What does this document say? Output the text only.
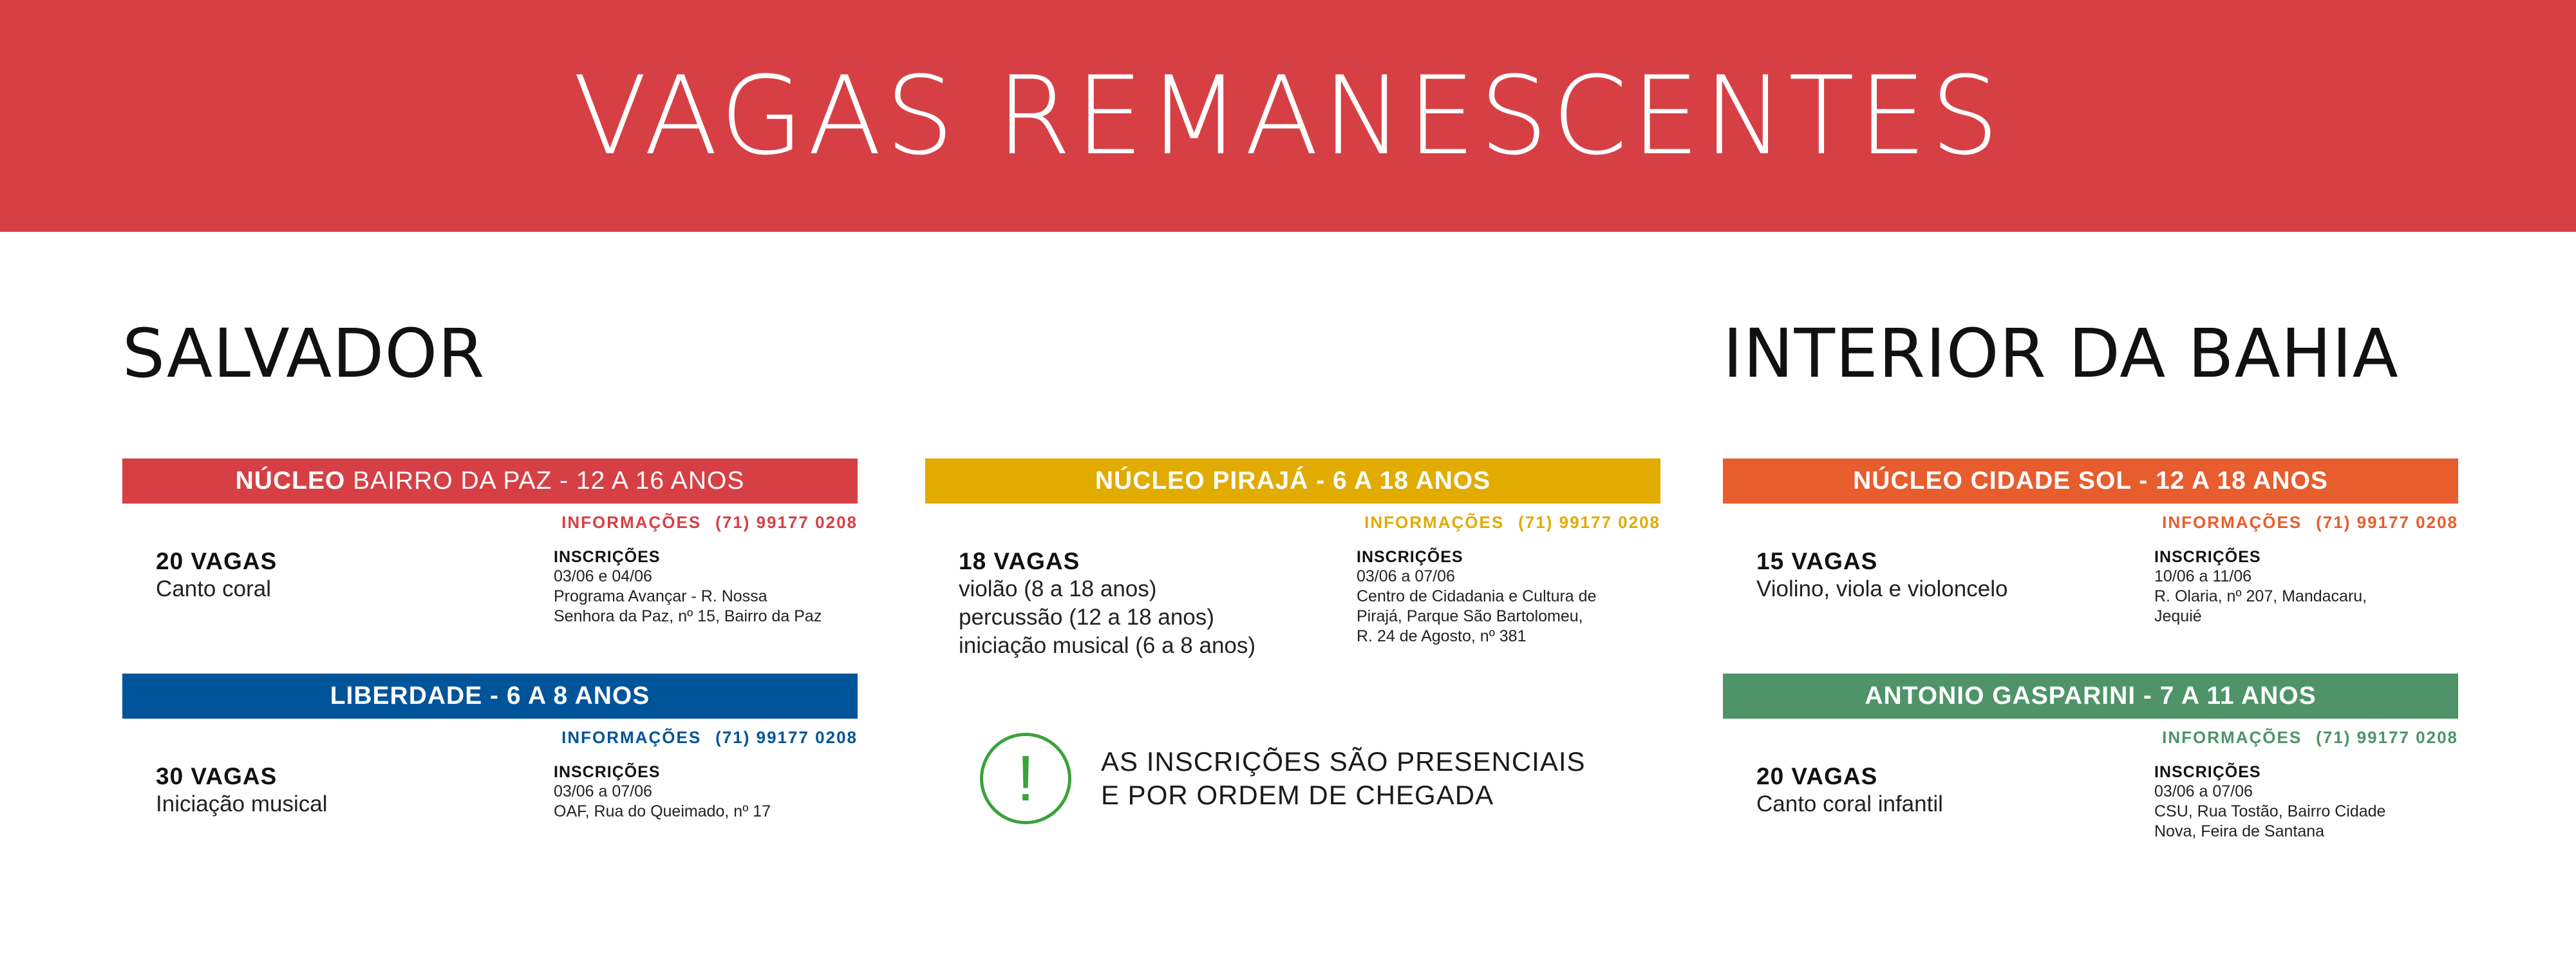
VAGAS REMANESCENTES
SALVADOR	INTERIOR DA BAHIA
NÚCLEO BAIRRO DA PAZ - 12 A 16 ANOS
INFORMAÇÕES (71) 99177 0208
20 VAGAS
Canto coral
INSCRIÇÕES
03/06 e 04/06
Programa Avançar - R. Nossa
Senhora da Paz, nº 15, Bairro da Paz
LIBERDADE - 6 A 8 ANOS
INFORMAÇÕES (71) 99177 0208
30 VAGAS
Iniciação musical
INSCRIÇÕES
03/06 a 07/06
OAF, Rua do Queimado, nº 17
NÚCLEO PIRAJÁ - 6 A 18 ANOS
INFORMAÇÕES (71) 99177 0208
18 VAGAS
violão (8 a 18 anos)
percussão (12 a 18 anos)
iniciação musical (6 a 8 anos)
INSCRIÇÕES
03/06 a 07/06
Centro de Cidadania e Cultura de
Pirajá, Parque São Bartolomeu,
R. 24 de Agosto, nº 381
! AS INSCRIÇÕES SÃO PRESENCIAIS
E POR ORDEM DE CHEGADA
NÚCLEO CIDADE SOL - 12 A 18 ANOS
INFORMAÇÕES (71) 99177 0208
15 VAGAS
Violino, viola e violoncelo
INSCRIÇÕES
10/06 a 11/06
R. Olaria, nº 207, Mandacaru,
Jequié
ANTONIO GASPARINI - 7 A 11 ANOS
INFORMAÇÕES (71) 99177 0208
20 VAGAS
Canto coral infantil
INSCRIÇÕES
03/06 a 07/06
CSU, Rua Tostão, Bairro Cidade
Nova, Feira de Santana
